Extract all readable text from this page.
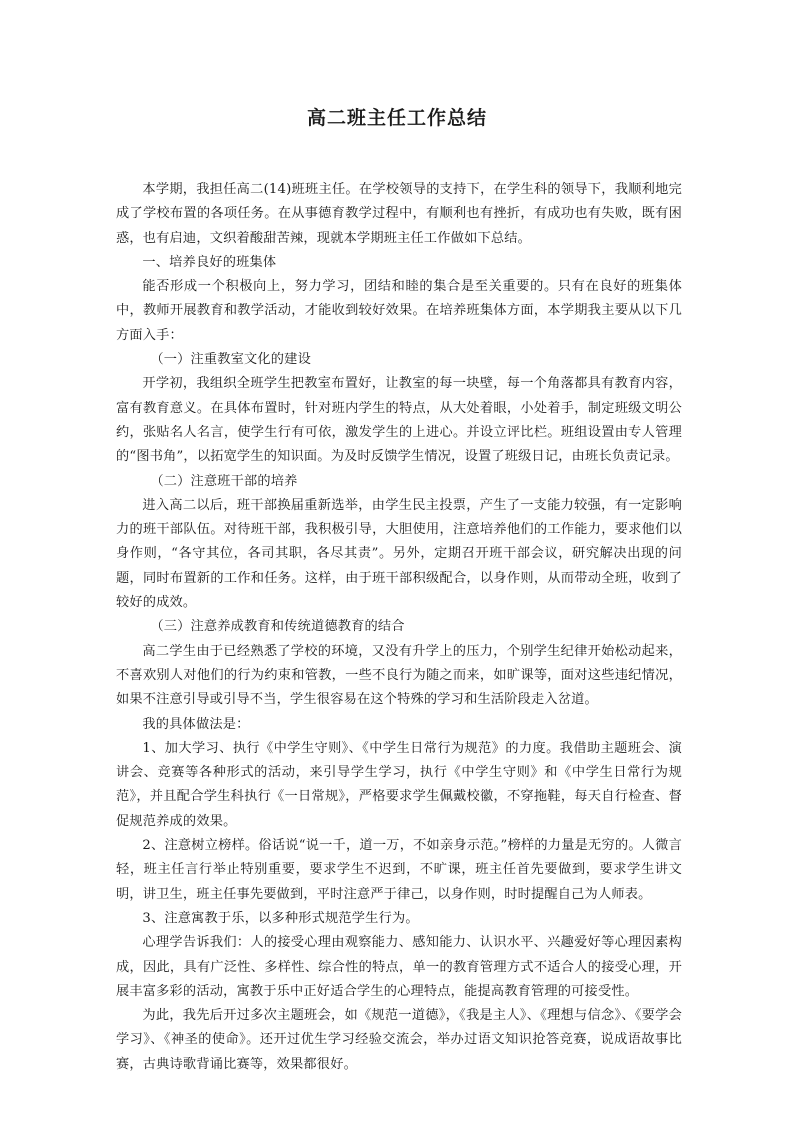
高二班主任工作总结

本学期，我担任高二(14)班班主任。在学校领导的支持下，在学生科的领导下，我顺利地完成了学校布置的各项任务。在从事德育教学过程中，有顺利也有挫折，有成功也有失败，既有困惑，也有启迪，文织着酸甜苦辣，现就本学期班主任工作做如下总结。

一、培养良好的班集体

能否形成一个积极向上，努力学习，团结和睦的集合是至关重要的。只有在良好的班集体中，教师开展教育和教学活动，才能收到较好效果。在培养班集体方面，本学期我主要从以下几方面入手：

（一）注重教室文化的建设

开学初，我组织全班学生把教室布置好，让教室的每一块壁，每一个角落都具有教育内容，富有教育意义。在具体布置时，针对班内学生的特点，从大处着眼，小处着手，制定班级文明公约，张贴名人名言，使学生行有可依，激发学生的上进心。并设立评比栏。班组设置由专人管理的“图书角”，以拓宽学生的知识面。为及时反馈学生情况，设置了班级日记，由班长负责记录。

（二）注意班干部的培养

进入高二以后，班干部换届重新选举，由学生民主投票，产生了一支能力较强，有一定影响力的班干部队伍。对待班干部，我积极引导，大胆使用，注意培养他们的工作能力，要求他们以身作则，“各守其位，各司其职，各尽其责”。另外，定期召开班干部会议，研究解决出现的问题，同时布置新的工作和任务。这样，由于班干部积级配合，以身作则，从而带动全班，收到了较好的成效。

（三）注意养成教育和传统道德教育的结合

高二学生由于已经熟悉了学校的环境，又没有升学上的压力，个别学生纪律开始松动起来，不喜欢别人对他们的行为约束和管教，一些不良行为随之而来，如旷课等，面对这些违纪情况，如果不注意引导或引导不当，学生很容易在这个特殊的学习和生活阶段走入岔道。

我的具体做法是：

1、加大学习、执行《中学生守则》、《中学生日常行为规范》的力度。我借助主题班会、演讲会、竞赛等各种形式的活动，来引导学生学习，执行《中学生守则》和《中学生日常行为规范》，并且配合学生科执行《一日常规》，严格要求学生佩戴校徽，不穿拖鞋，每天自行检查、督促规范养成的效果。

2、注意树立榜样。俗话说“说一千，道一万，不如亲身示范。”榜样的力量是无穷的。人微言轻，班主任言行举止特别重要，要求学生不迟到，不旷课，班主任首先要做到，要求学生讲文明，讲卫生，班主任事先要做到，平时注意严于律己，以身作则，时时提醒自己为人师表。

3、注意寓教于乐，以多种形式规范学生行为。

心理学告诉我们：人的接受心理由观察能力、感知能力、认识水平、兴趣爱好等心理因素构成，因此，具有广泛性、多样性、综合性的特点，单一的教育管理方式不适合人的接受心理，开展丰富多彩的活动，寓教于乐中正好适合学生的心理特点，能提高教育管理的可接受性。

为此，我先后开过多次主题班会，如《规范一道德》，《我是主人》、《理想与信念》、《要学会学习》、《神圣的使命》。还开过优生学习经验交流会，举办过语文知识抢答竞赛，说成语故事比赛，古典诗歌背诵比赛等，效果都很好。
